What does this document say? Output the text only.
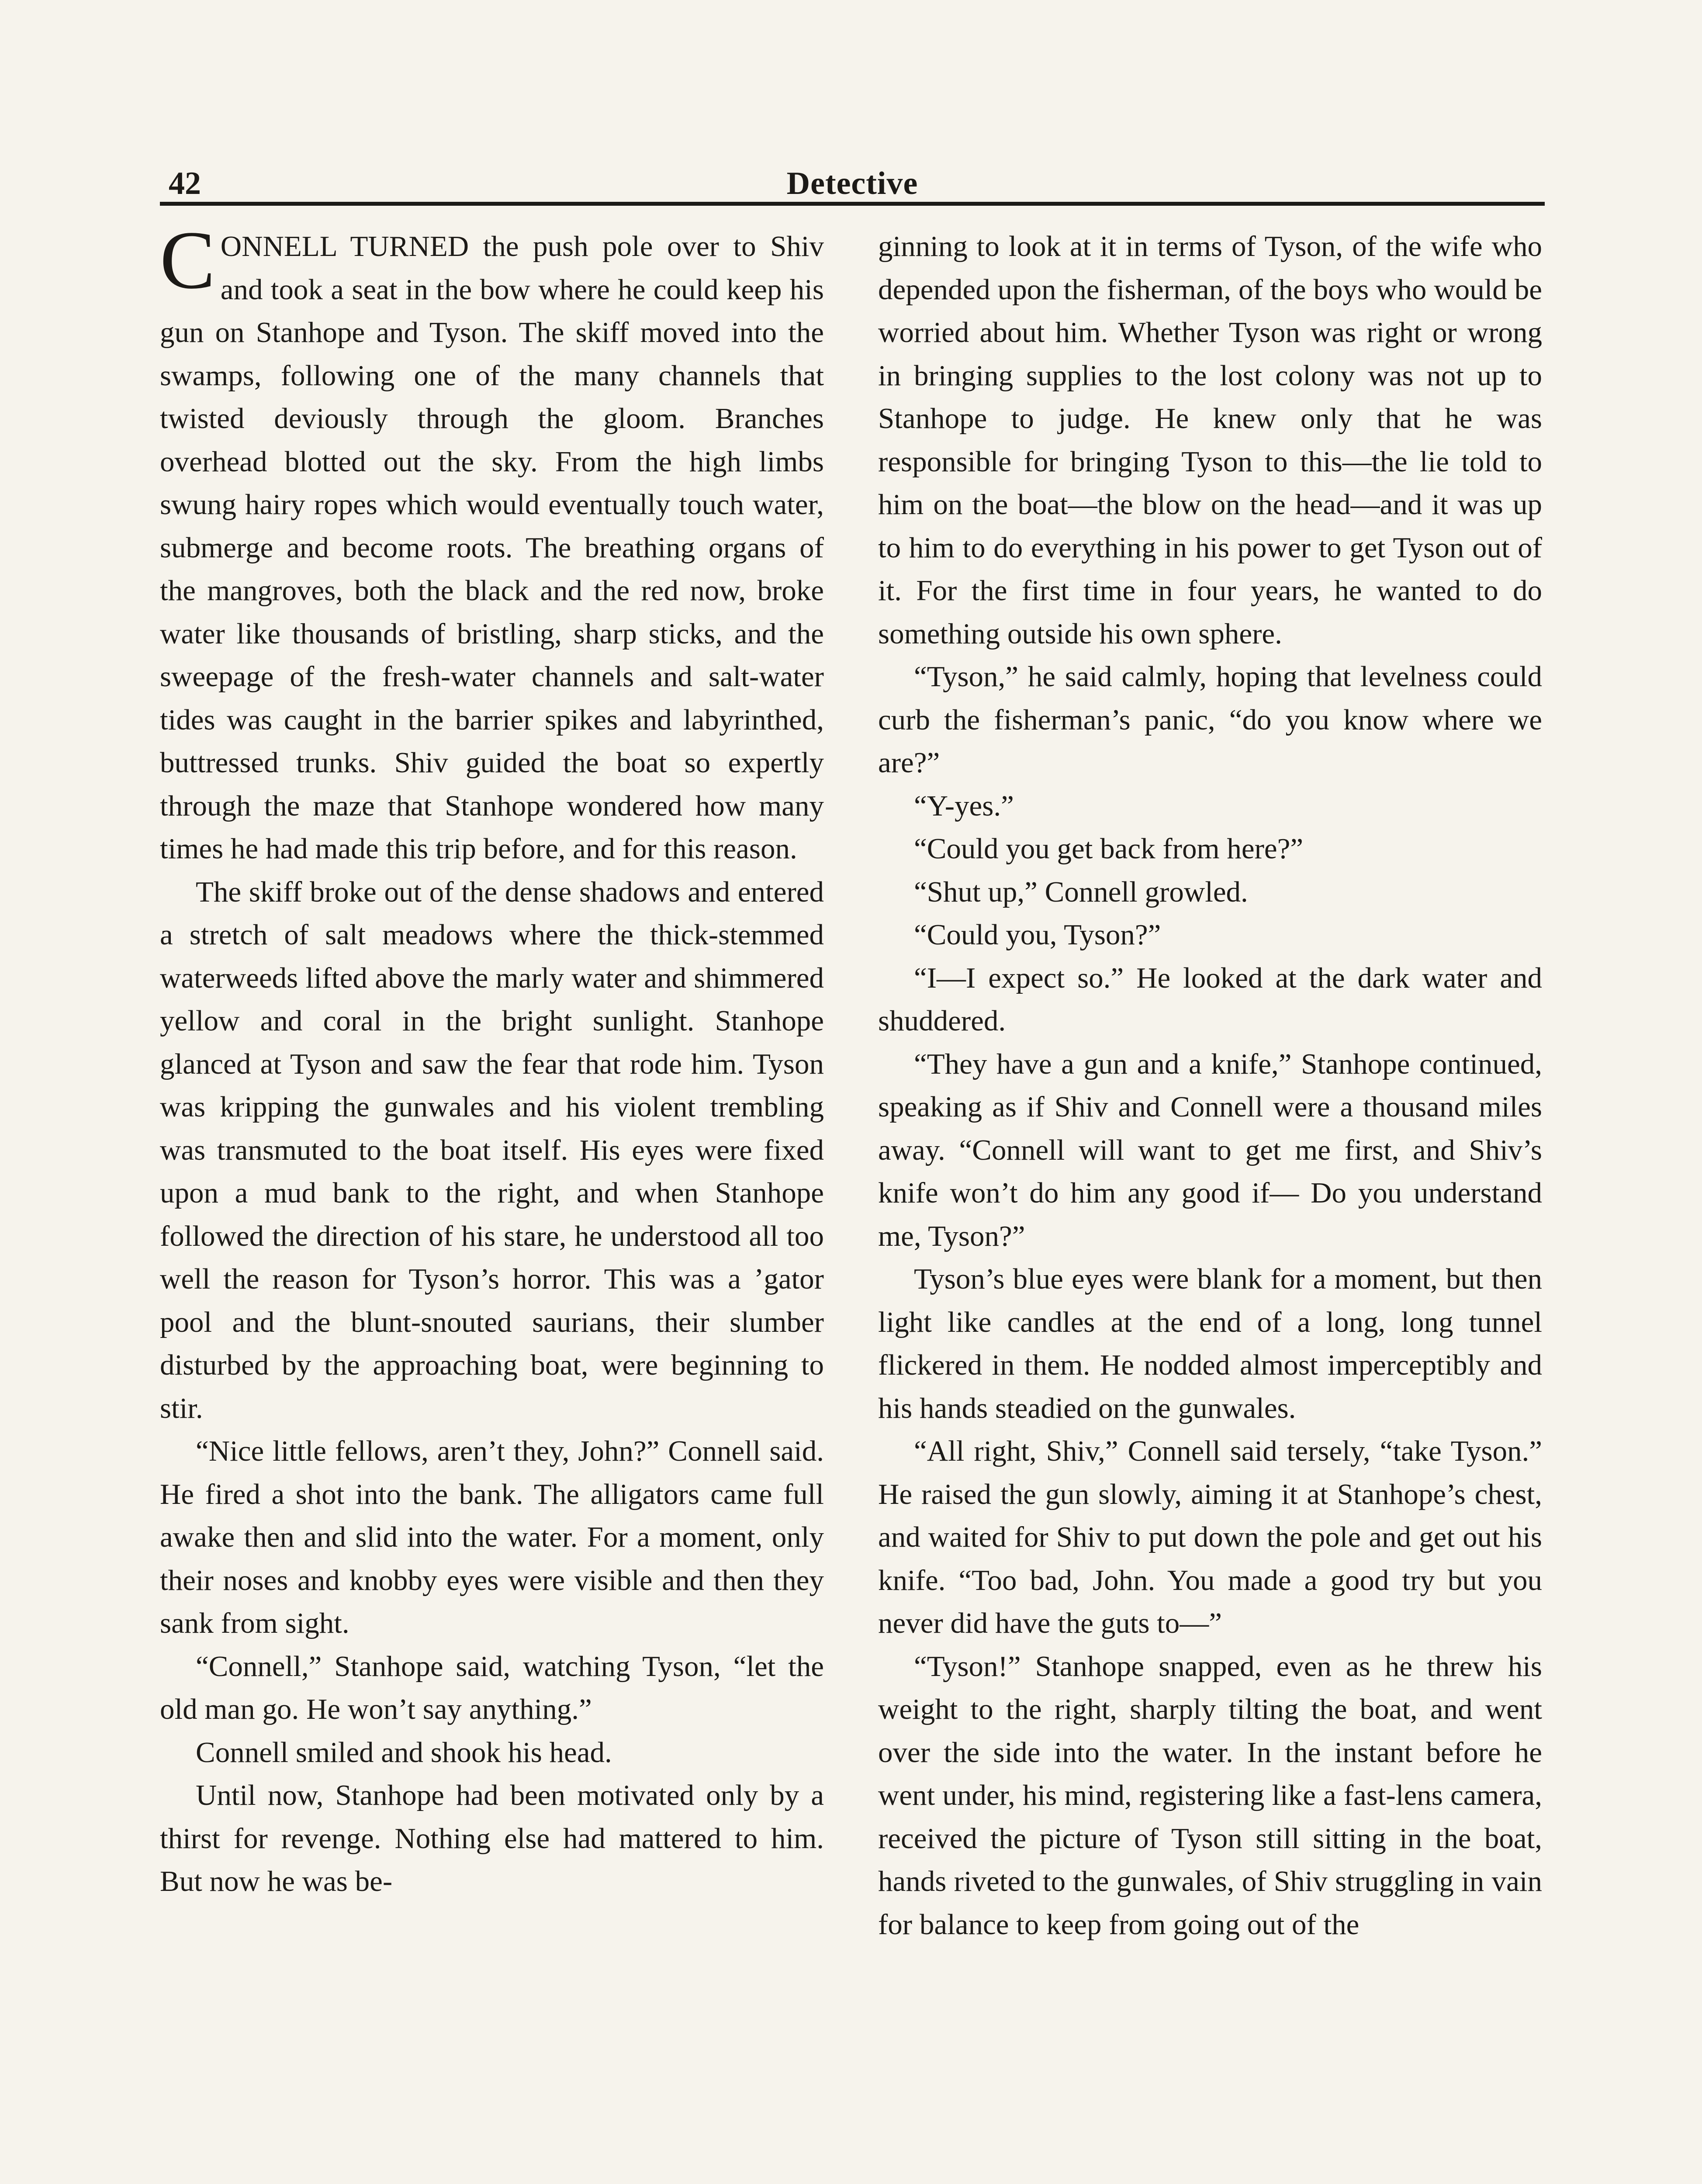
42	Detective

CONNELL TURNED the push pole over to Shiv and took a seat in the bow where he could keep his gun on Stanhope and Tyson. The skiff moved into the swamps, following one of the many channels that twisted deviously through the gloom. Branches overhead blotted out the sky. From the high limbs swung hairy ropes which would eventually touch water, submerge and become roots. The breathing organs of the mangroves, both the black and the red now, broke water like thousands of bristling, sharp sticks, and the sweepage of the fresh-water channels and salt-water tides was caught in the barrier spikes and labyrinthed, buttressed trunks. Shiv guided the boat so expertly through the maze that Stanhope wondered how many times he had made this trip before, and for this reason.

The skiff broke out of the dense shadows and entered a stretch of salt meadows where the thick-stemmed waterweeds lifted above the marly water and shimmered yellow and coral in the bright sunlight. Stanhope glanced at Tyson and saw the fear that rode him. Tyson was kripping the gunwales and his violent trembling was transmuted to the boat itself. His eyes were fixed upon a mud bank to the right, and when Stanhope followed the direction of his stare, he understood all too well the reason for Tyson’s horror. This was a ’gator pool and the blunt-snouted saurians, their slumber disturbed by the approaching boat, were beginning to stir.

“Nice little fellows, aren’t they, John?” Connell said. He fired a shot into the bank. The alligators came full awake then and slid into the water. For a moment, only their noses and knobby eyes were visible and then they sank from sight.

“Connell,” Stanhope said, watching Tyson, “let the old man go. He won’t say anything.”

Connell smiled and shook his head.

Until now, Stanhope had been motivated only by a thirst for revenge. Nothing else had mattered to him. But now he was be-

ginning to look at it in terms of Tyson, of the wife who depended upon the fisherman, of the boys who would be worried about him. Whether Tyson was right or wrong in bringing supplies to the lost colony was not up to Stanhope to judge. He knew only that he was responsible for bringing Tyson to this—the lie told to him on the boat—the blow on the head—and it was up to him to do everything in his power to get Tyson out of it. For the first time in four years, he wanted to do something outside his own sphere.

“Tyson,” he said calmly, hoping that levelness could curb the fisherman’s panic, “do you know where we are?”

“Y-yes.”

“Could you get back from here?”

“Shut up,” Connell growled.

“Could you, Tyson?”

“I—I expect so.” He looked at the dark water and shuddered.

“They have a gun and a knife,” Stanhope continued, speaking as if Shiv and Connell were a thousand miles away. “Connell will want to get me first, and Shiv’s knife won’t do him any good if— Do you understand me, Tyson?”

Tyson’s blue eyes were blank for a moment, but then light like candles at the end of a long, long tunnel flickered in them. He nodded almost imperceptibly and his hands steadied on the gunwales.

“All right, Shiv,” Connell said tersely, “take Tyson.” He raised the gun slowly, aiming it at Stanhope’s chest, and waited for Shiv to put down the pole and get out his knife. “Too bad, John. You made a good try but you never did have the guts to—”

“Tyson!” Stanhope snapped, even as he threw his weight to the right, sharply tilting the boat, and went over the side into the water. In the instant before he went under, his mind, registering like a fast-lens camera, received the picture of Tyson still sitting in the boat, hands riveted to the gunwales, of Shiv struggling in vain for balance to keep from going out of the
